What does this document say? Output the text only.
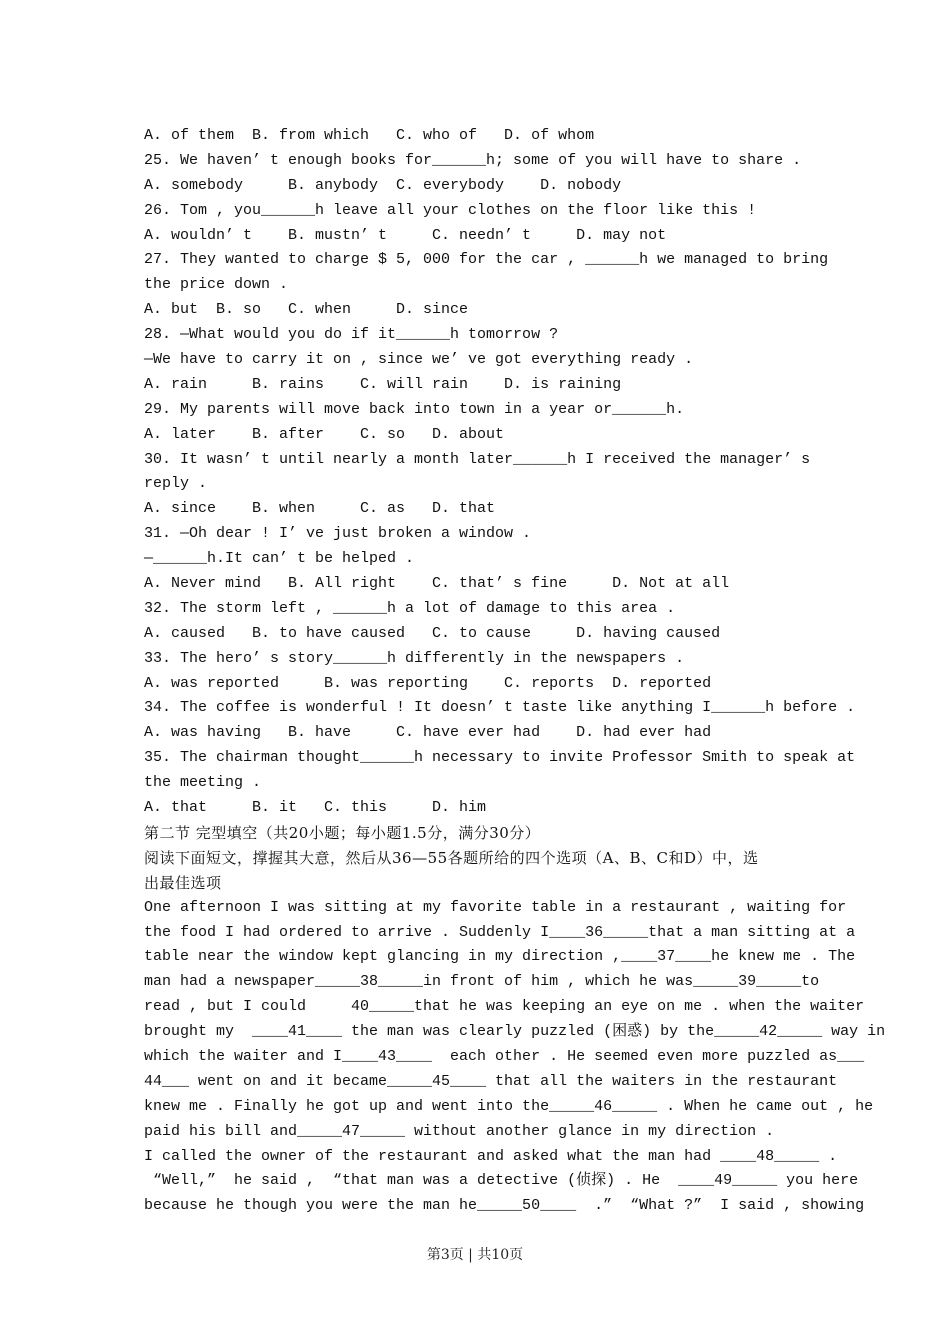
A. of them  B. from which   C. who of   D. of whom
25. We haven’ t enough books for______h; some of you will have to share .
A. somebody     B. anybody  C. everybody    D. nobody
26. Tom , you______h leave all your clothes on the floor like this !
A. wouldn’ t    B. mustn’ t     C. needn’ t     D. may not
27. They wanted to charge $ 5, 000 for the car , ______h we managed to bring
the price down .
A. but  B. so   C. when     D. since
28. —What would you do if it______h tomorrow ?
—We have to carry it on , since we’ ve got everything ready .
A. rain     B. rains    C. will rain    D. is raining
29. My parents will move back into town in a year or______h.
A. later    B. after    C. so   D. about
30. It wasn’ t until nearly a month later______h I received the manager’ s
reply .
A. since    B. when     C. as   D. that
31. —Oh dear ! I’ ve just broken a window .
—______h.It can’ t be helped .
A. Never mind   B. All right    C. that’ s fine     D. Not at all
32. The storm left , ______h a lot of damage to this area .
A. caused   B. to have caused   C. to cause     D. having caused
33. The hero’ s story______h differently in the newspapers .
A. was reported     B. was reporting    C. reports  D. reported
34. The coffee is wonderful ! It doesn’ t taste like anything I______h before .
A. was having   B. have     C. have ever had    D. had ever had
35. The chairman thought______h necessary to invite Professor Smith to speak at
the meeting .
A. that     B. it   C. this     D. him
第二节 完型填空（共20小题；每小题1.5分，满分30分）
阅读下面短文，撑握其大意，然后从36—55各题所给的四个选项（A、B、C和D）中，选
出最佳选项
One afternoon I was sitting at my favorite table in a restaurant , waiting for
the food I had ordered to arrive . Suddenly I____36_____that a man sitting at a
table near the window kept glancing in my direction ,____37____he knew me . The
man had a newspaper_____38_____in front of him , which he was_____39_____to
read , but I could     40_____that he was keeping an eye on me . when the waiter
brought my  ____41____ the man was clearly puzzled (困惑) by the_____42_____ way in
which the waiter and I____43____  each other . He seemed even more puzzled as___
44___ went on and it became_____45____ that all the waiters in the restaurant
knew me . Finally he got up and went into the_____46_____ . When he came out , he
paid his bill and_____47_____ without another glance in my direction .
I called the owner of the restaurant and asked what the man had ____48_____ .
“Well,”  he said ,  “that man was a detective (侦探) . He  ____49_____ you here
because he though you were the man he_____50____  .”  “What ?”  I said , showing
第3页 | 共10页
